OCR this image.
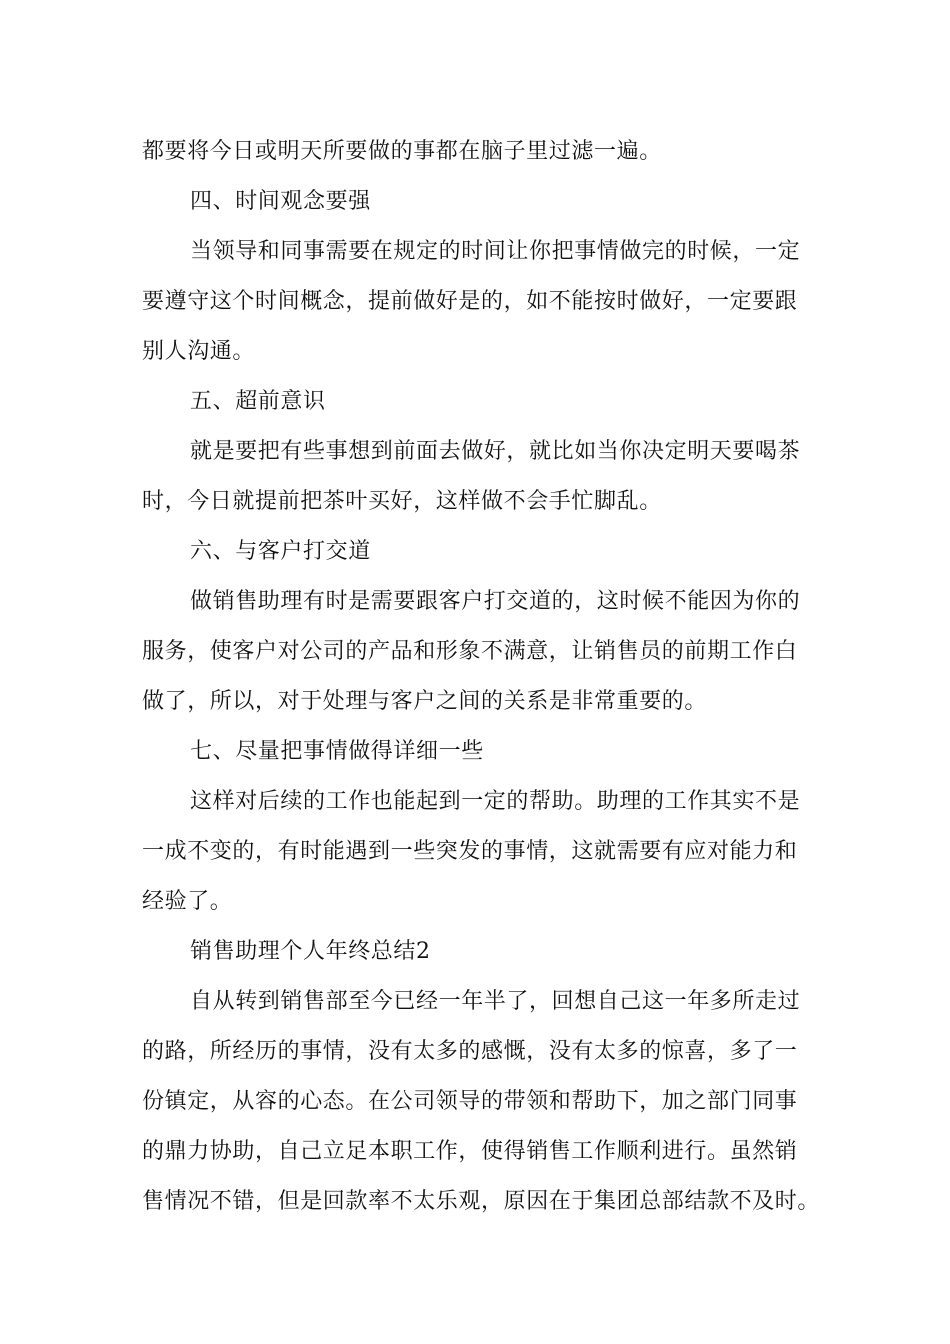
都要将今日或明天所要做的事都在脑子里过滤一遍。
四、时间观念要强
当领导和同事需要在规定的时间让你把事情做完的时候，一定
要遵守这个时间概念，提前做好是的，如不能按时做好，一定要跟
别人沟通。
五、超前意识
就是要把有些事想到前面去做好，就比如当你决定明天要喝茶
时，今日就提前把茶叶买好，这样做不会手忙脚乱。
六、与客户打交道
做销售助理有时是需要跟客户打交道的，这时候不能因为你的
服务，使客户对公司的产品和形象不满意，让销售员的前期工作白
做了，所以，对于处理与客户之间的关系是非常重要的。
七、尽量把事情做得详细一些
这样对后续的工作也能起到一定的帮助。助理的工作其实不是
一成不变的，有时能遇到一些突发的事情，这就需要有应对能力和
经验了。
销售助理个人年终总结2
自从转到销售部至今已经一年半了，回想自己这一年多所走过
的路，所经历的事情，没有太多的感慨，没有太多的惊喜，多了一
份镇定，从容的心态。在公司领导的带领和帮助下，加之部门同事
的鼎力协助，自己立足本职工作，使得销售工作顺利进行。虽然销
售情况不错，但是回款率不太乐观，原因在于集团总部结款不及时。
